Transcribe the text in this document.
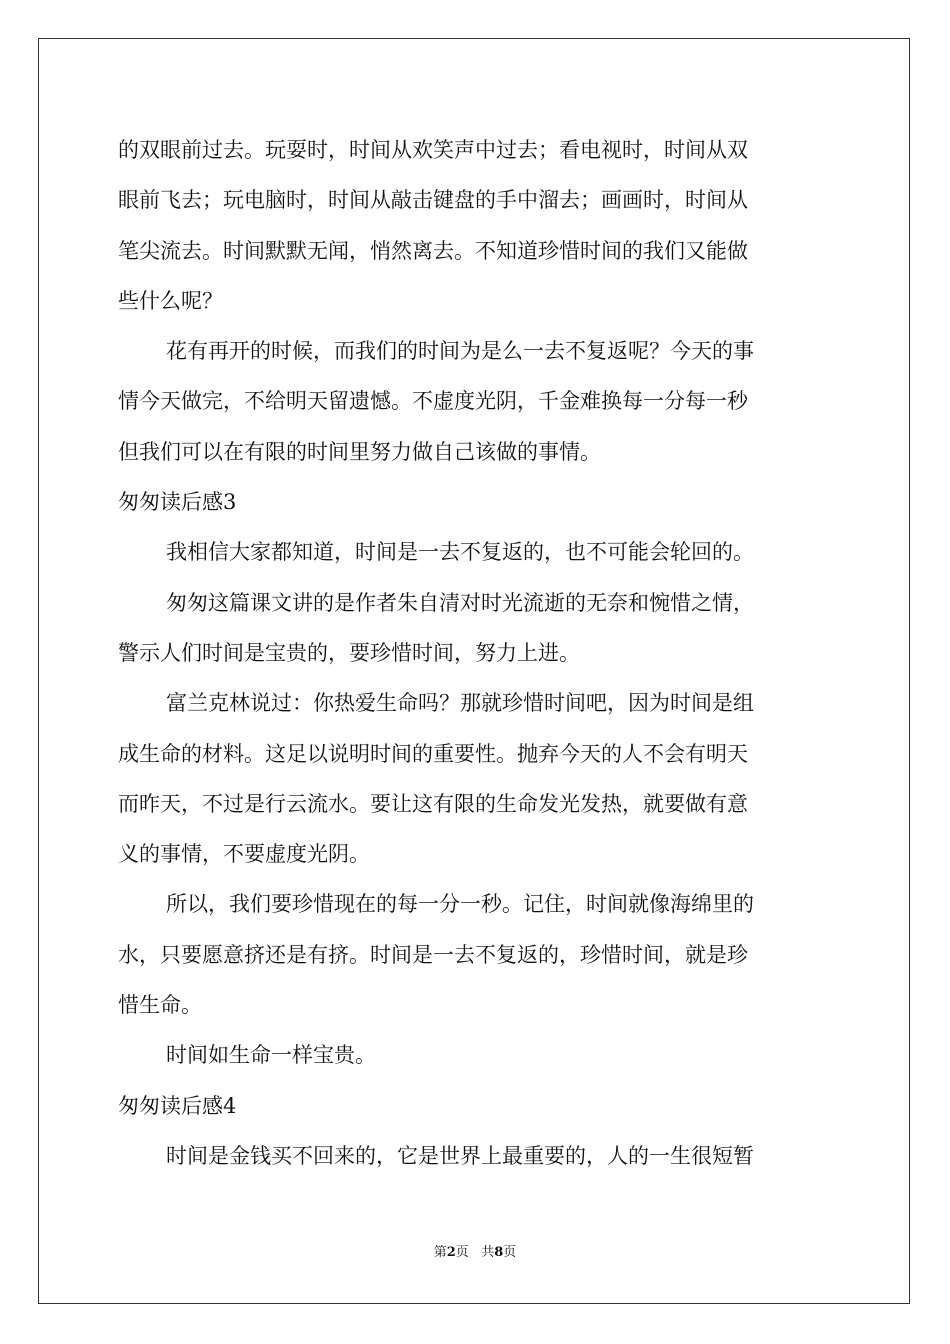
的双眼前过去。玩耍时，时间从欢笑声中过去；看电视时，时间从双
眼前飞去；玩电脑时，时间从敲击键盘的手中溜去；画画时，时间从
笔尖流去。时间默默无闻，悄然离去。不知道珍惜时间的我们又能做
些什么呢？
花有再开的时候，而我们的时间为是么一去不复返呢？今天的事
情今天做完，不给明天留遗憾。不虚度光阴，千金难换每一分每一秒
但我们可以在有限的时间里努力做自己该做的事情。
匆匆读后感3
我相信大家都知道，时间是一去不复返的，也不可能会轮回的。
匆匆这篇课文讲的是作者朱自清对时光流逝的无奈和惋惜之情，
警示人们时间是宝贵的，要珍惜时间，努力上进。
富兰克林说过：你热爱生命吗？那就珍惜时间吧，因为时间是组
成生命的材料。这足以说明时间的重要性。抛弃今天的人不会有明天
而昨天，不过是行云流水。要让这有限的生命发光发热，就要做有意
义的事情，不要虚度光阴。
所以，我们要珍惜现在的每一分一秒。记住，时间就像海绵里的
水，只要愿意挤还是有挤。时间是一去不复返的，珍惜时间，就是珍
惜生命。
时间如生命一样宝贵。
匆匆读后感4
时间是金钱买不回来的，它是世界上最重要的，人的一生很短暂
第2页 共8页
